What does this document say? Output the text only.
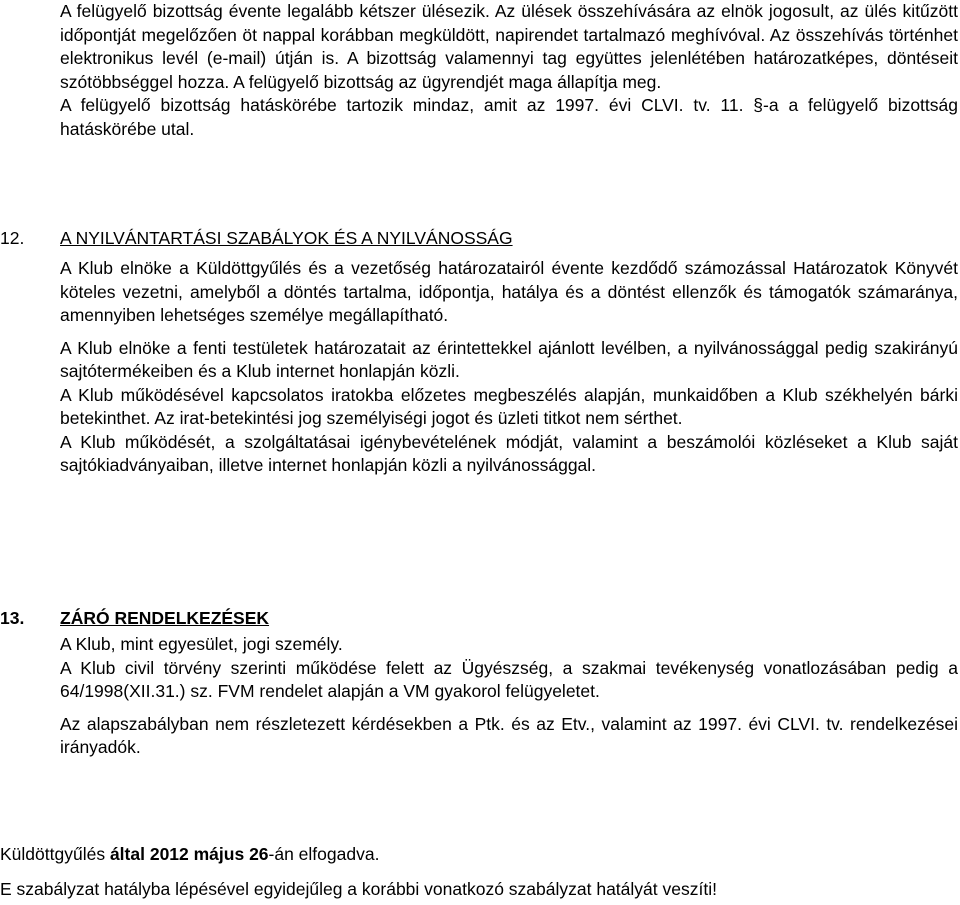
A felügyelő bizottság évente legalább kétszer ülésezik. Az ülések összehívására az elnök jogosult, az ülés kitűzött időpontját megelőzően öt nappal korábban megküldött, napirendet tartalmazó meghívóval. Az összehívás történhet elektronikus levél (e-mail) útján is. A bizottság valamennyi tag együttes jelenlétében határozatképes, döntéseit szótöbbséggel hozza. A felügyelő bizottság az ügyrendjét maga állapítja meg.

A felügyelő bizottság hatáskörébe tartozik mindaz, amit az 1997. évi CLVI. tv. 11. §-a a felügyelő bizottság hatáskörébe utal.

12. A NYILVÁNTARTÁSI SZABÁLYOK ÉS A NYILVÁNOSSÁG

A Klub elnöke a Küldöttgyűlés és a vezetőség határozatairól évente kezdődő számozással Határozatok Könyvét köteles vezetni, amelyből a döntés tartalma, időpontja, hatálya és a döntést ellenzők és támogatók számaránya, amennyiben lehetséges személye megállapítható.

A Klub elnöke a fenti testületek határozatait az érintettekkel ajánlott levélben, a nyilvánossággal pedig szakirányú sajtótermékeiben és a Klub internet honlapján közli.

A Klub működésével kapcsolatos iratokba előzetes megbeszélés alapján, munkaidőben a Klub székhelyén bárki betekinthet. Az irat-betekintési jog személyiségi jogot és üzleti titkot nem sérthet.

A Klub működését, a szolgáltatásai igénybevételének módját, valamint a beszámolói közléseket a Klub saját sajtókiadványaiban, illetve internet honlapján közli a nyilvánossággal.

13. ZÁRÓ RENDELKEZÉSEK

A Klub, mint egyesület, jogi személy.

A Klub civil törvény szerinti működése felett az Ügyészség, a szakmai tevékenység vonatlozásában pedig a 64/1998(XII.31.) sz. FVM rendelet alapján a VM gyakorol felügyeletet.

Az alapszabályban nem részletezett kérdésekben a Ptk. és az Etv., valamint az 1997. évi CLVI. tv. rendelkezései irányadók.

Küldöttgyűlés által 2012 május 26-án elfogadva.
E szabályzat hatályba lépésével egyidejűleg a korábbi vonatkozó szabályzat hatályát veszíti!
